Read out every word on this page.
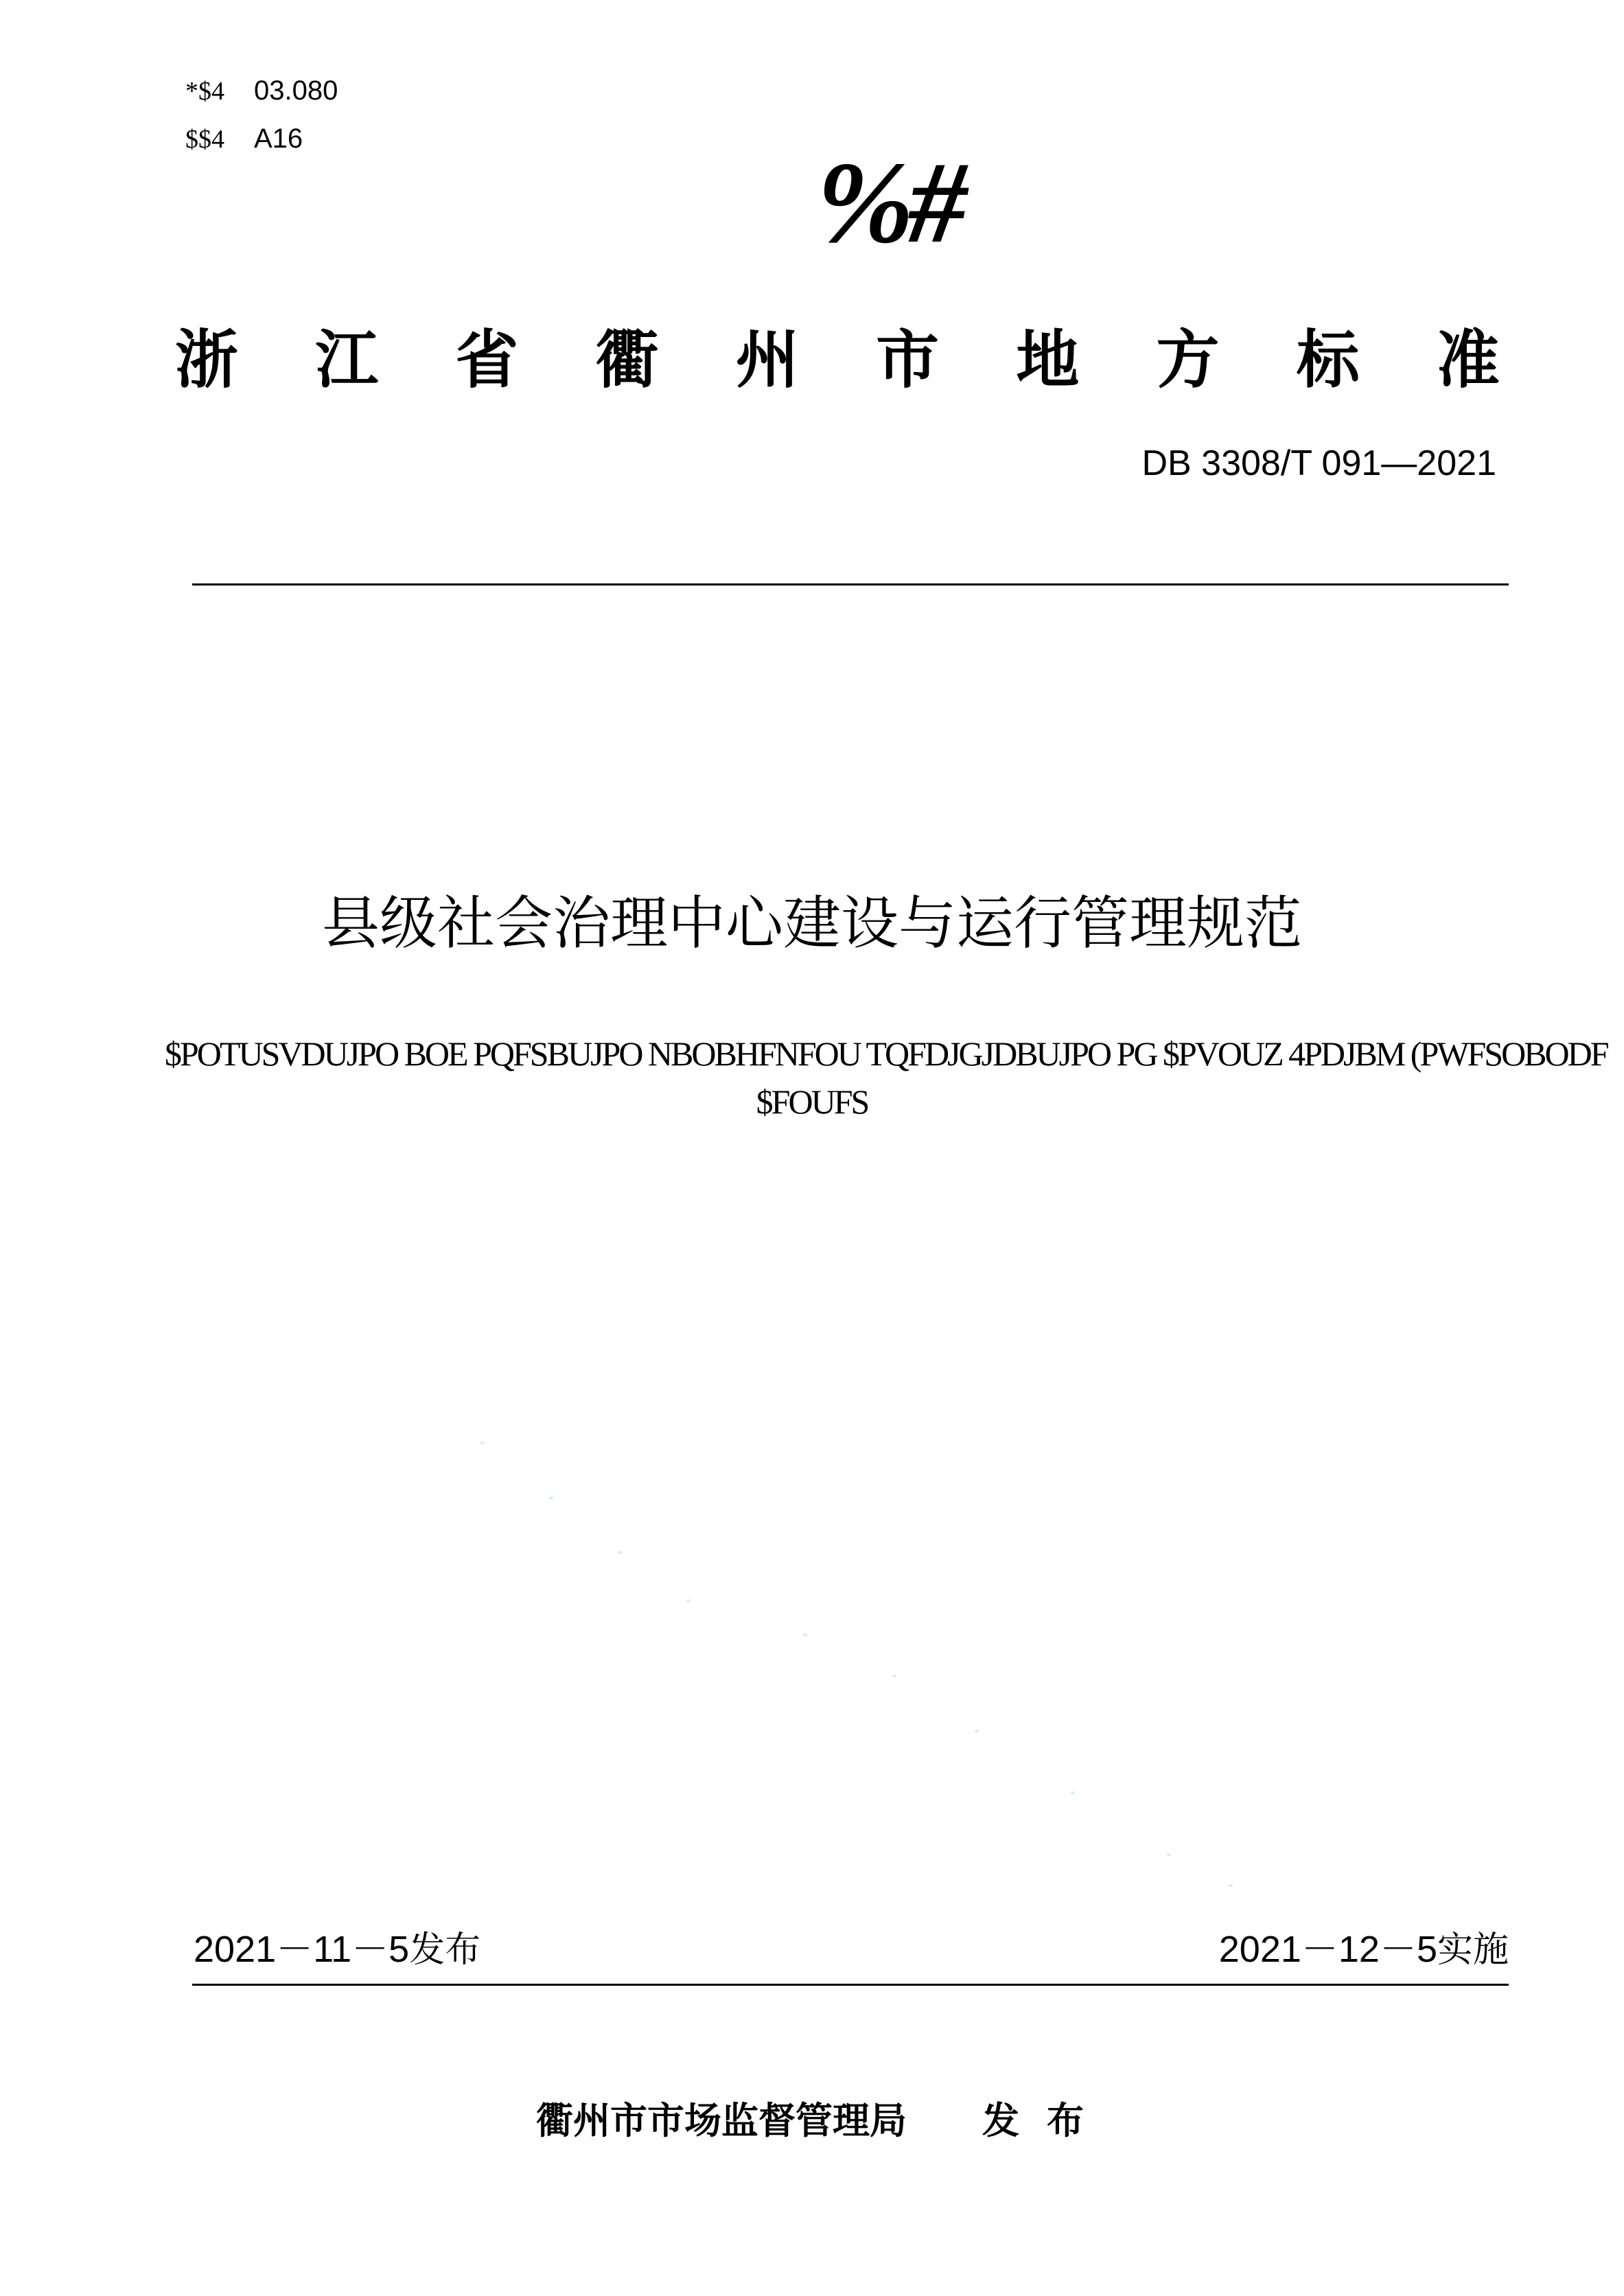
*$4	03.080
$$4	A16	%#
浙 江 省 衢 州 市 地 方 标 准
DB 3308/T 091—2021
县级社会治理中心建设与运行管理规范
$POTUSVDUJPO BOE PQFSBUJPO NBOBHFNFOU TQFDJGJDBUJPO PG $PVOUZ 4PDJBM (PWFSOBODF
$FOUFS
2021－11－5发布	2021－12－5实施
衢州市市场监督管理局 发布
